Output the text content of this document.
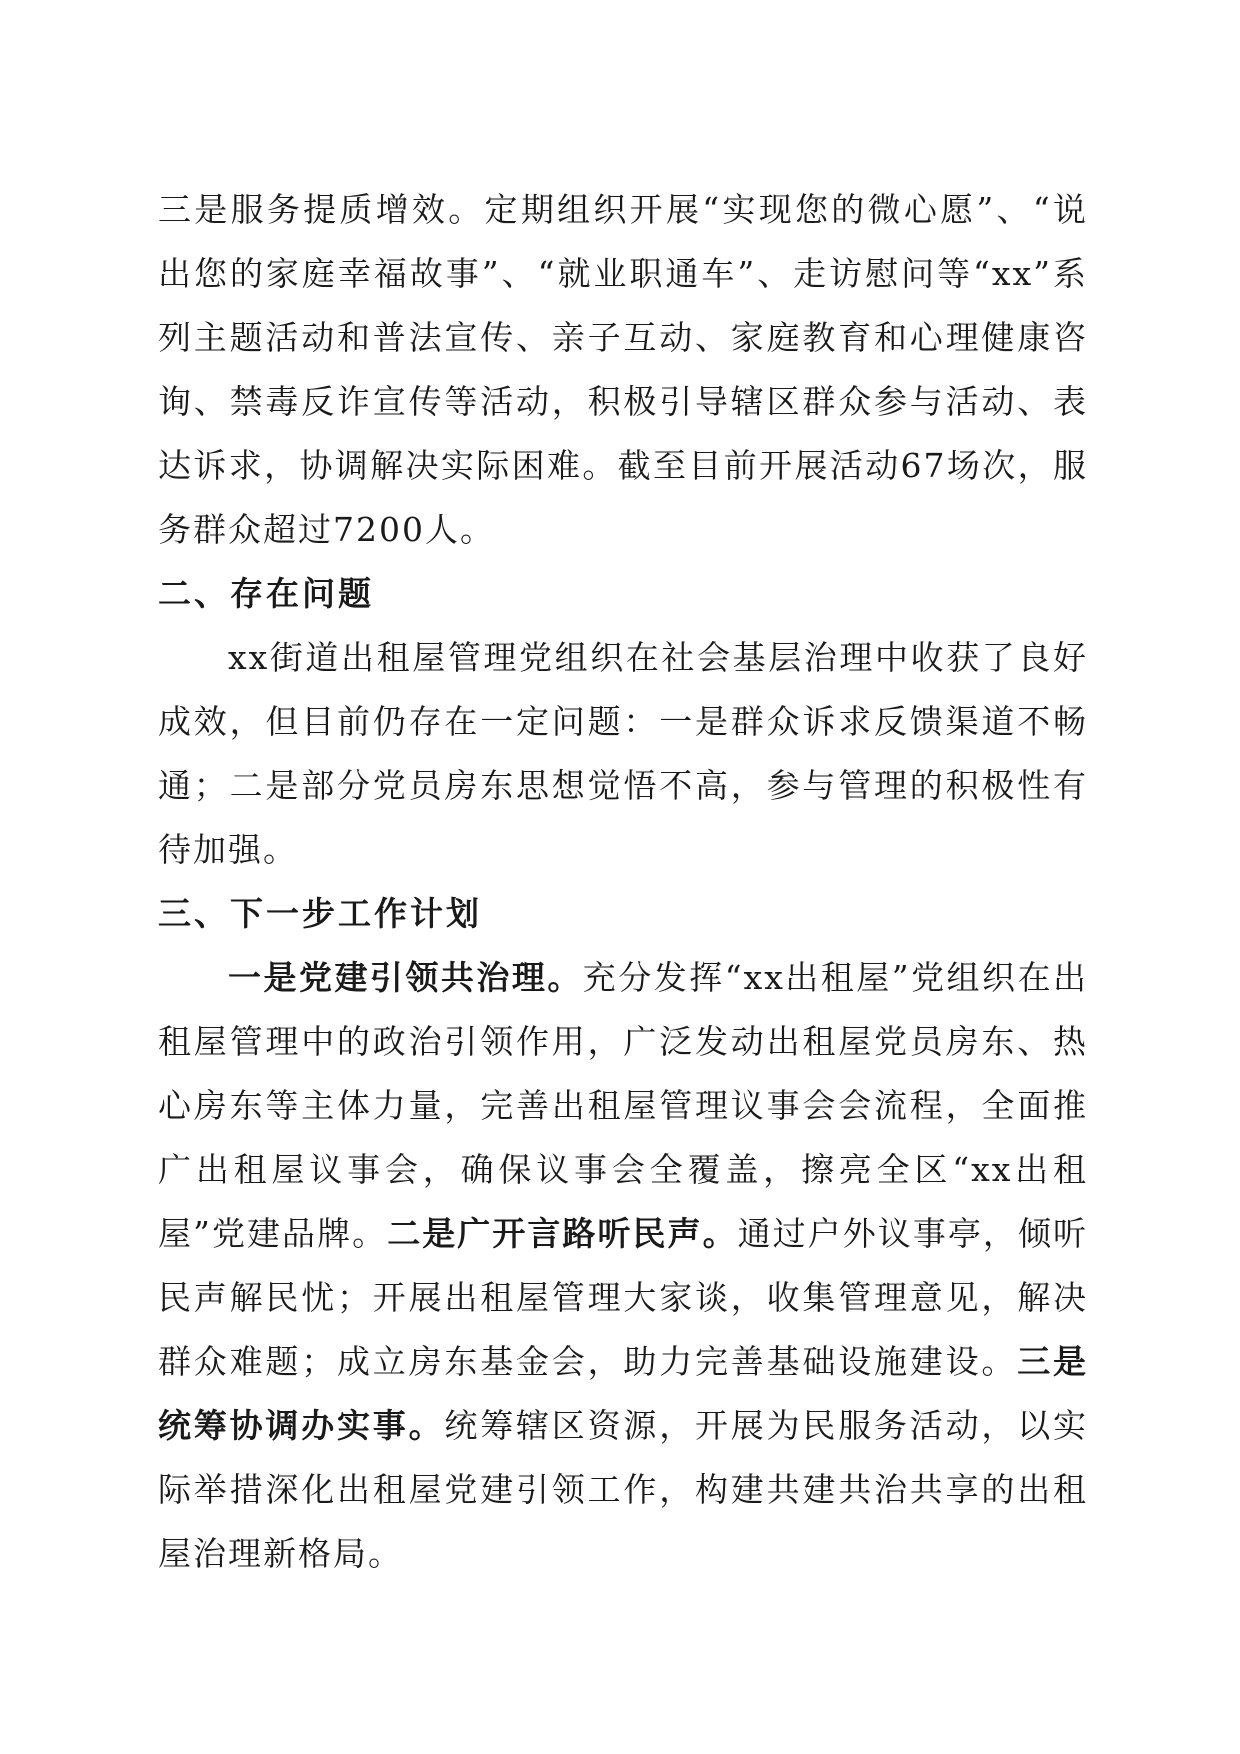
三是服务提质增效。定期组织开展“实现您的微心愿”、“说出您的家庭幸福故事”、“就业职通车”、走访慰问等“xx”系列主题活动和普法宣传、亲子互动、家庭教育和心理健康咨询、禁毒反诈宣传等活动，积极引导辖区群众参与活动、表达诉求，协调解决实际困难。截至目前开展活动67场次，服务群众超过7200人。

二、存在问题

xx街道出租屋管理党组织在社会基层治理中收获了良好成效，但目前仍存在一定问题：一是群众诉求反馈渠道不畅通；二是部分党员房东思想觉悟不高，参与管理的积极性有待加强。

三、下一步工作计划

一是党建引领共治理。充分发挥“xx出租屋”党组织在出租屋管理中的政治引领作用，广泛发动出租屋党员房东、热心房东等主体力量，完善出租屋管理议事会会流程，全面推广出租屋议事会，确保议事会全覆盖，擦亮全区“xx出租屋”党建品牌。二是广开言路听民声。通过户外议事亭，倾听民声解民忧；开展出租屋管理大家谈，收集管理意见，解决群众难题；成立房东基金会，助力完善基础设施建设。三是统筹协调办实事。统筹辖区资源，开展为民服务活动，以实际举措深化出租屋党建引领工作，构建共建共治共享的出租屋治理新格局。
